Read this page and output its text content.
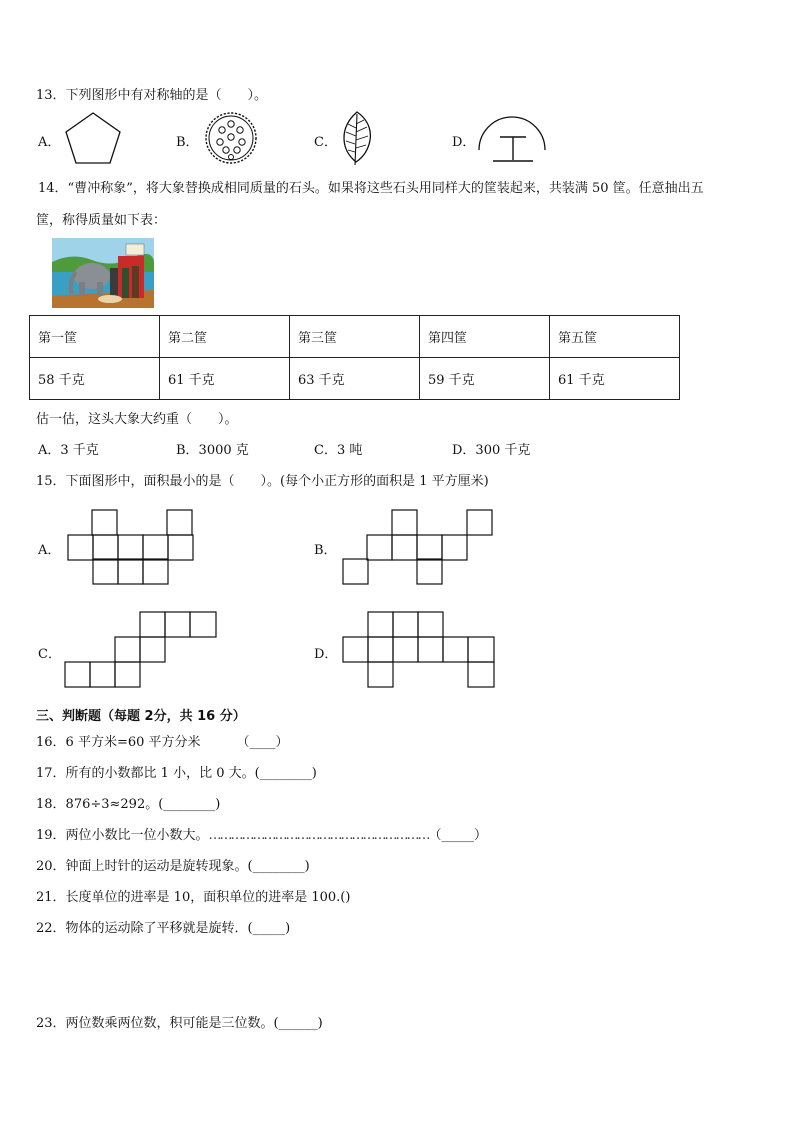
13．下列图形中有对称轴的是（　　）。
A．	B．	C．	D．
14．“曹冲称象”，将大象替换成相同质量的石头。如果将这些石头用同样大的筐装起来，共装满 50 筐。任意抽出五
筐，称得质量如下表：
第一筐	第二筐	第三筐	第四筐	第五筐
58 千克	61 千克	63 千克	59 千克	61 千克
估一估，这头大象大约重（　　）。
A．3 千克	B．3000 克	C．3 吨	D．300 千克
15．下面图形中，面积最小的是（　　）。(每个小正方形的面积是 1 平方厘米)
A．	B．
C．	D．
三、判断题（每题 2分，共 16 分）
16．6 平方米=60 平方分米	（____）
17．所有的小数都比 1 小，比 0 大。(________)
18．876÷3≈292。(________)
19．两位小数比一位小数大。……………………………………………………（_____）
20．钟面上时针的运动是旋转现象。(________)
21．长度单位的进率是 10，面积单位的进率是 100.()
22．物体的运动除了平移就是旋转．(_____)
23．两位数乘两位数，积可能是三位数。(______)
